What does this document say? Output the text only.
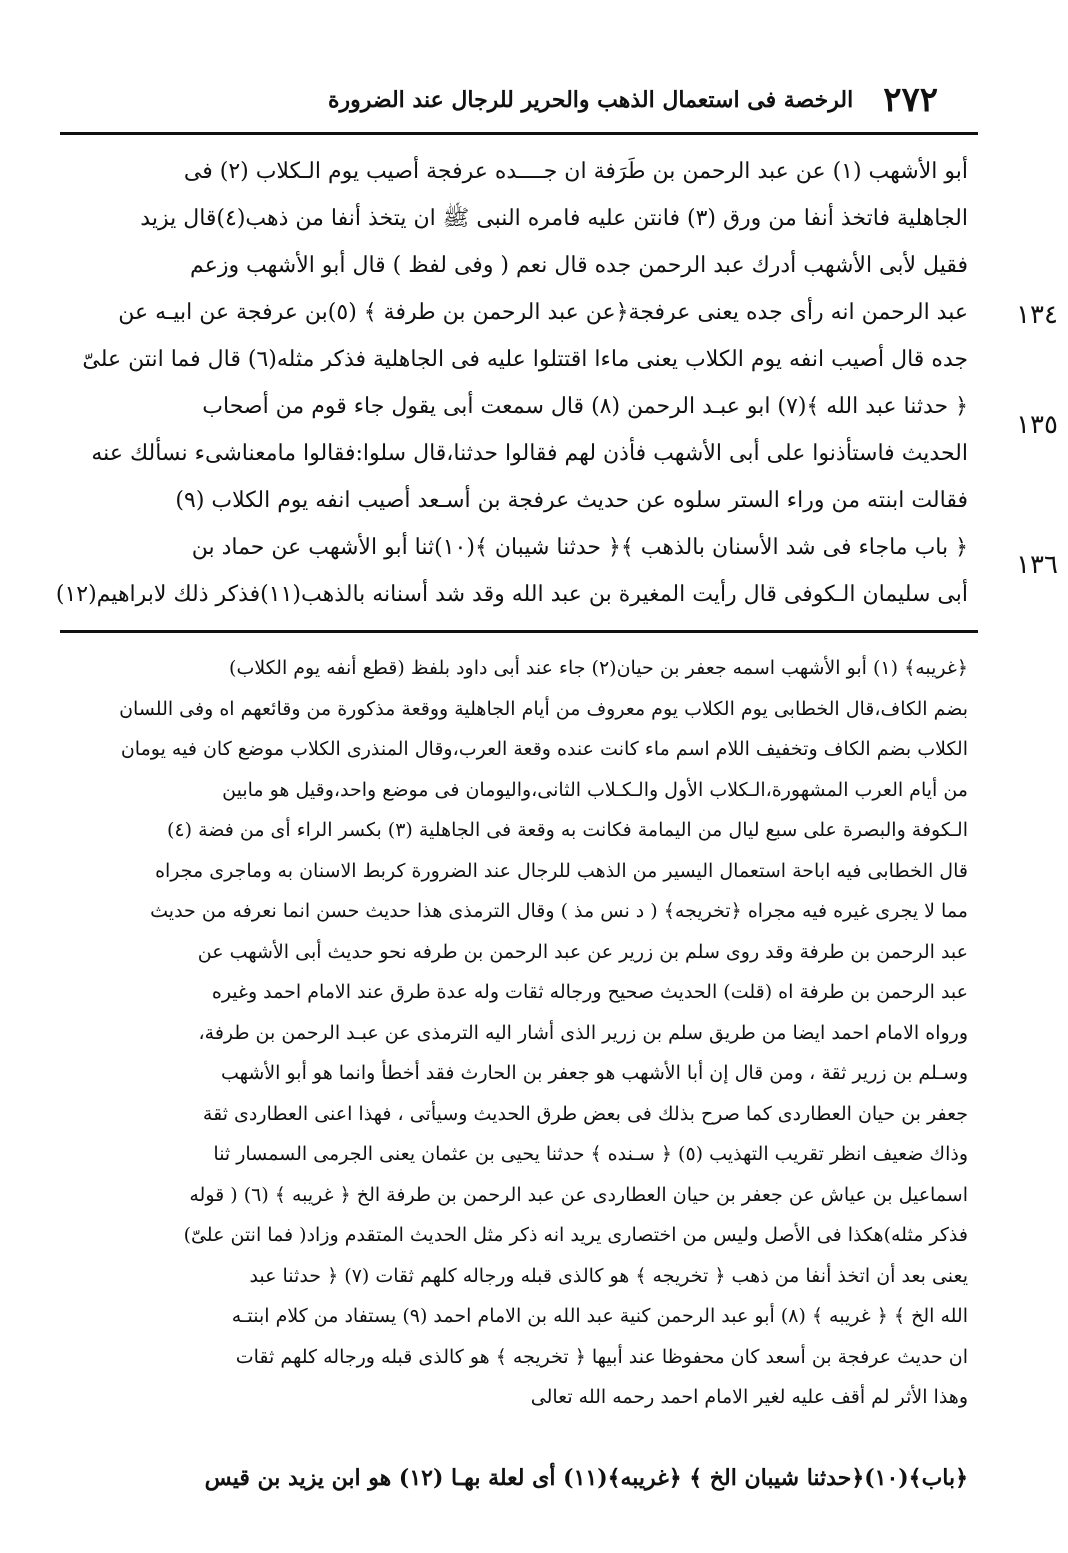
٢٧٢
الرخصة فى استعمال الذهب والحرير للرجال عند الضرورة
أبو الأشهب (١) عن عبد الرحمن بن طَرَفة ان جــــده عرفجة أصيب يوم الـكلاب (٢) فى
الجاهلية فاتخذ أنفا من ورق (٣) فانتن عليه فامره النبى ﷺ ان يتخذ أنفا من ذهب(٤)قال يزيد
فقيل لأبى الأشهب أدرك عبد الرحمن جده قال نعم ( وفى لفظ ) قال أبو الأشهب وزعم
عبد الرحمن انه رأى جده يعنى عرفجة﴿عن عبد الرحمن بن طرفة ﴾ (٥)بن عرفجة عن ابيـه عن
جده قال أصيب انفه يوم الكلاب يعنى ماءا اقتتلوا عليه فى الجاهلية فذكر مثله(٦) قال فما انتن علىّ
﴿ حدثنا عبد الله ﴾(٧) ابو عبـد الرحمن (٨) قال سمعت أبى يقول جاء قوم من أصحاب
الحديث فاستأذنوا على أبى الأشهب فأذن لهم فقالوا حدثنا،قال سلوا:فقالوا مامعناشىء نسألك عنه
فقالت ابنته من وراء الستر سلوه عن حديث عرفجة بن أسـعد أصيب انفه يوم الكلاب (٩)
﴿ باب ماجاء فى شد الأسنان بالذهب ﴾﴿ حدثنا شيبان ﴾(١٠)ثنا أبو الأشهب عن حماد بن
أبى سليمان الـكوفى قال رأيت المغيرة بن عبد الله وقد شد أسنانه بالذهب(١١)فذكر ذلك لابراهيم(١٢)
١٣٤
١٣٥
١٣٦
﴿غريبه﴾ (١) أبو الأشهب اسمه جعفر بن حيان(٢) جاء عند أبى داود بلفظ (قطع أنفه يوم الكلاب)
بضم الكاف،قال الخطابى يوم الكلاب يوم معروف من أيام الجاهلية ووقعة مذكورة من وقائعهم اه وفى اللسان
الكلاب بضم الكاف وتخفيف اللام اسم ماء كانت عنده وقعة العرب،وقال المنذرى الكلاب موضع كان فيه يومان
من أيام العرب المشهورة،الـكلاب الأول والـكـلاب الثانى،واليومان فى موضع واحد،وقيل هو مابين
الـكوفة والبصرة على سبع ليال من اليمامة فكانت به وقعة فى الجاهلية (٣) بكسر الراء أى من فضة (٤)
قال الخطابى فيه اباحة استعمال اليسير من الذهب للرجال عند الضرورة كربط الاسنان به وماجرى مجراه
مما لا يجرى غيره فيه مجراه ﴿تخريجه﴾ ( د نس مذ ) وقال الترمذى هذا حديث حسن انما نعرفه من حديث
عبد الرحمن بن طرفة وقد روى سلم بن زرير عن عبد الرحمن بن طرفه نحو حديث أبى الأشهب عن
عبد الرحمن بن طرفة اه (قلت) الحديث صحيح ورجاله ثقات وله عدة طرق عند الامام احمد وغيره
ورواه الامام احمد ايضا من طريق سلم بن زرير الذى أشار اليه الترمذى عن عبـد الرحمن بن طرفة،
وسـلم بن زرير ثقة ، ومن قال إن أبا الأشهب هو جعفر بن الحارث فقد أخطأ وانما هو أبو الأشهب
جعفر بن حيان العطاردى كما صرح بذلك فى بعض طرق الحديث وسيأتى ، فهذا اعنى العطاردى ثقة
وذاك ضعيف انظر تقريب التهذيب (٥) ﴿ سـنده ﴾ حدثنا يحيى بن عثمان يعنى الجرمى السمسار ثنا
اسماعيل بن عياش عن جعفر بن حيان العطاردى عن عبد الرحمن بن طرفة الخ ﴿ غريبه ﴾ (٦) ( قوله
فذكر مثله)هكذا فى الأصل وليس من اختصارى يريد انه ذكر مثل الحديث المتقدم وزاد( فما انتن علىّ)
يعنى بعد أن اتخذ أنفا من ذهب ﴿ تخريجه ﴾ هو كالذى قبله ورجاله كلهم ثقات (٧) ﴿ حدثنا عبد
الله الخ ﴾ ﴿ غريبه ﴾ (٨) أبو عبد الرحمن كنية عبد الله بن الامام احمد (٩) يستفاد من كلام ابنتـه
ان حديث عرفجة بن أسعد كان محفوظا عند أبيها ﴿ تخريجه ﴾ هو كالذى قبله ورجاله كلهم ثقات
وهذا الأثر لم أقف عليه لغير الامام احمد رحمه الله تعالى
﴿باب﴾(١٠)﴿حدثنا شيبان الخ ﴾ ﴿غريبه﴾(١١) أى لعلة بهـا (١٢) هو ابن يزيد بن قيس
